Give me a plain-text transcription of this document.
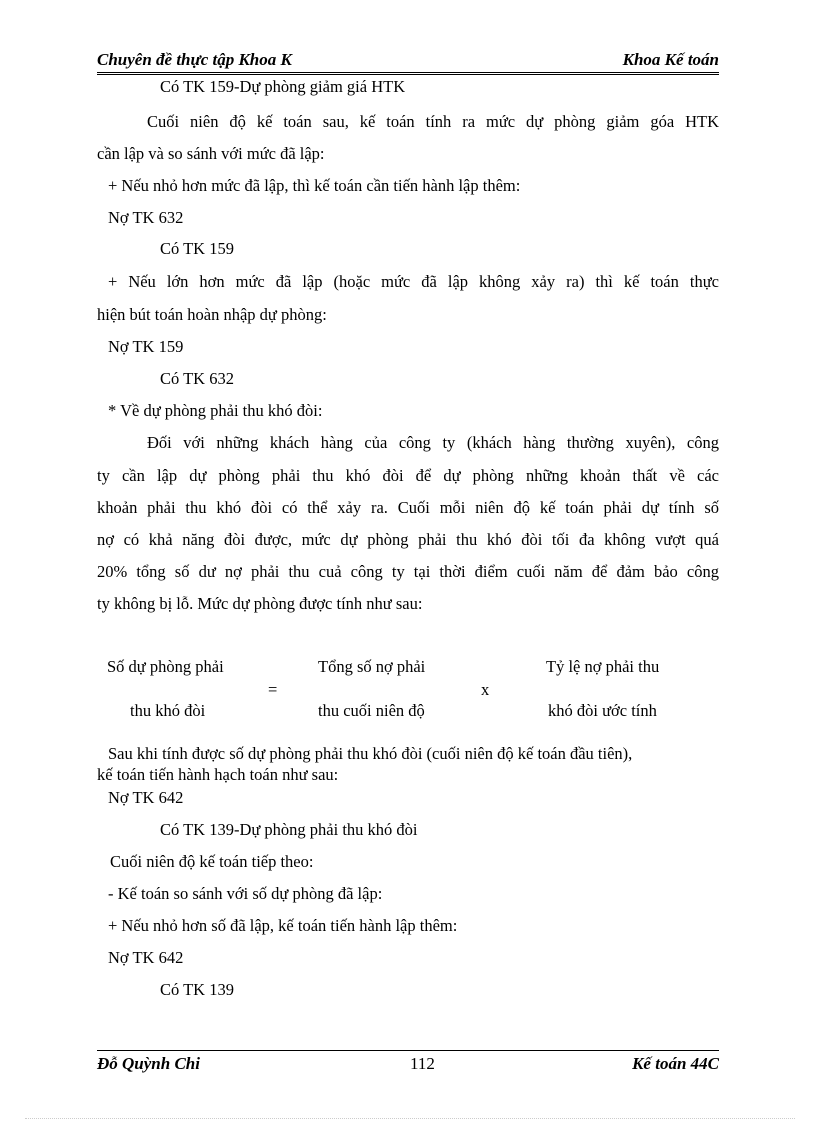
Chuyên đề thực tập Khoa K	Khoa Kế toán
Có TK 159-Dự phòng giảm giá HTK
Cuối niên độ kế toán sau, kế toán tính ra mức dự phòng giảm góa HTK
cần lập và so sánh với mức đã lập:
+ Nếu nhỏ hơn mức đã lập, thì kế toán cần tiến hành lập thêm:
Nợ TK 632
Có TK 159
+ Nếu lớn hơn mức đã lập (hoặc mức đã lập không xảy ra) thì kế toán thực
hiện bút toán hoàn nhập dự phòng:
Nợ TK 159
Có TK 632
* Về dự phòng phải thu khó đòi:
Đối với những khách hàng của công ty (khách hàng thường xuyên), công
ty cần lập dự phòng phải thu khó đòi để dự phòng những khoản thất về các
khoản phải thu khó đòi có thể xảy ra. Cuối mỗi niên độ kế toán phải dự tính số
nợ có khả năng đòi được, mức dự phòng phải thu khó đòi tối đa không vượt quá
20% tổng số dư nợ phải thu cuả công ty tại thời điểm cuối năm để đảm bảo công
ty không bị lỗ. Mức dự phòng được tính như sau:
Số dự phòng phải
thu khó đòi
=
Tổng số nợ phải
thu cuối niên độ
x
Tỷ lệ nợ phải thu
khó đòi ước tính
Sau khi tính được số dự phòng phải thu khó đòi (cuối niên độ kế toán đầu tiên),
kế toán tiến hành hạch toán như sau:
Nợ TK 642
Có TK 139-Dự phòng phải thu khó đòi
Cuối niên độ kế toán tiếp theo:
- Kế toán so sánh với số dự phòng đã lập:
+ Nếu nhỏ hơn số đã lập, kế toán tiến hành lập thêm:
Nợ TK 642
Có TK 139
Đỗ Quỳnh Chi	112	Kế toán 44C
